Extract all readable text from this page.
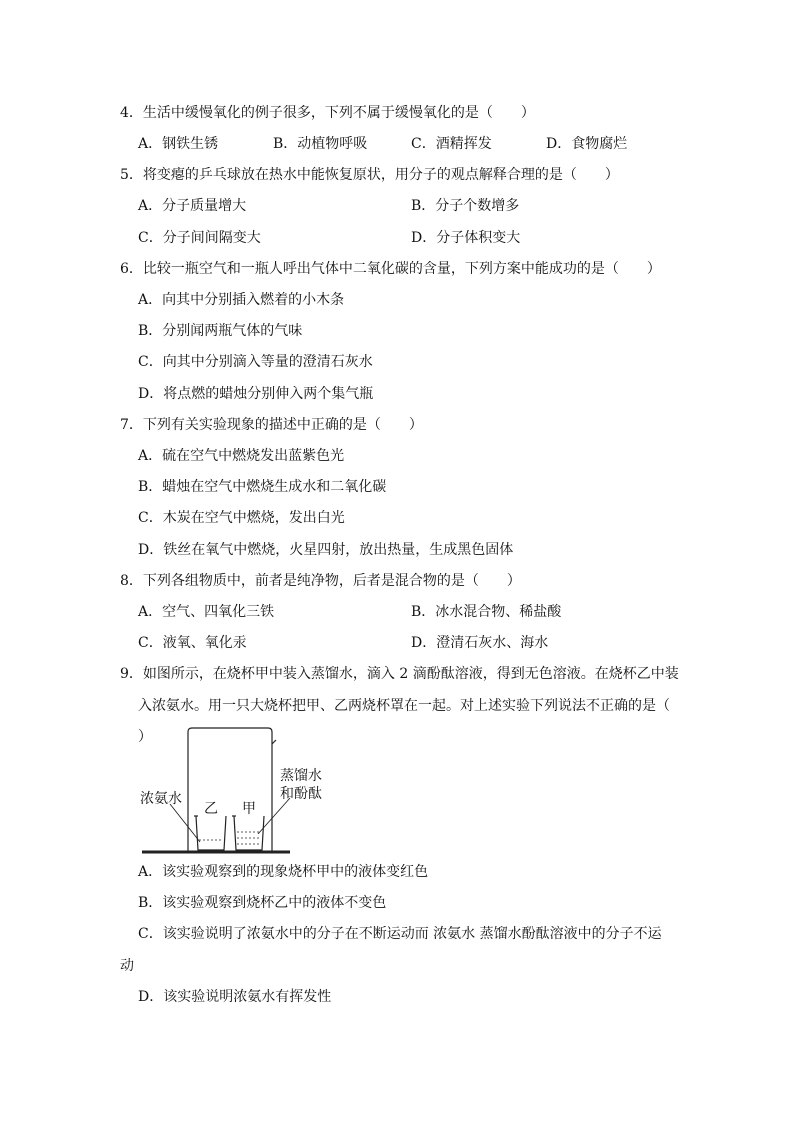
4．生活中缓慢氧化的例子很多，下列不属于缓慢氧化的是（　　）
A．钢铁生锈	B．动植物呼吸	C．酒精挥发	D．食物腐烂
5．将变瘪的乒乓球放在热水中能恢复原状，用分子的观点解释合理的是（　　）
A．分子质量增大	B．分子个数增多
C．分子间间隔变大	D．分子体积变大
6．比较一瓶空气和一瓶人呼出气体中二氧化碳的含量，下列方案中能成功的是（　　）
A．向其中分别插入燃着的小木条
B．分别闻两瓶气体的气味
C．向其中分别滴入等量的澄清石灰水
D．将点燃的蜡烛分别伸入两个集气瓶
7．下列有关实验现象的描述中正确的是（　　）
A．硫在空气中燃烧发出蓝紫色光
B．蜡烛在空气中燃烧生成水和二氧化碳
C．木炭在空气中燃烧，发出白光
D．铁丝在氧气中燃烧，火星四射，放出热量，生成黑色固体
8．下列各组物质中，前者是纯净物，后者是混合物的是（　　）
A．空气、四氧化三铁	B．冰水混合物、稀盐酸
C．液氧、氧化汞	D．澄清石灰水、海水
9．如图所示，在烧杯甲中装入蒸馏水，滴入 2 滴酚酞溶液，得到无色溶液。在烧杯乙中装
入浓氨水。用一只大烧杯把甲、乙两烧杯罩在一起。对上述实验下列说法不正确的是（
）
浓氨水
乙 甲
蒸馏水
和酚酞
A．该实验观察到的现象烧杯甲中的液体变红色
B．该实验观察到烧杯乙中的液体不变色
C．该实验说明了浓氨水中的分子在不断运动而 浓氨水 蒸馏水酚酞溶液中的分子不运
动
D．该实验说明浓氨水有挥发性
